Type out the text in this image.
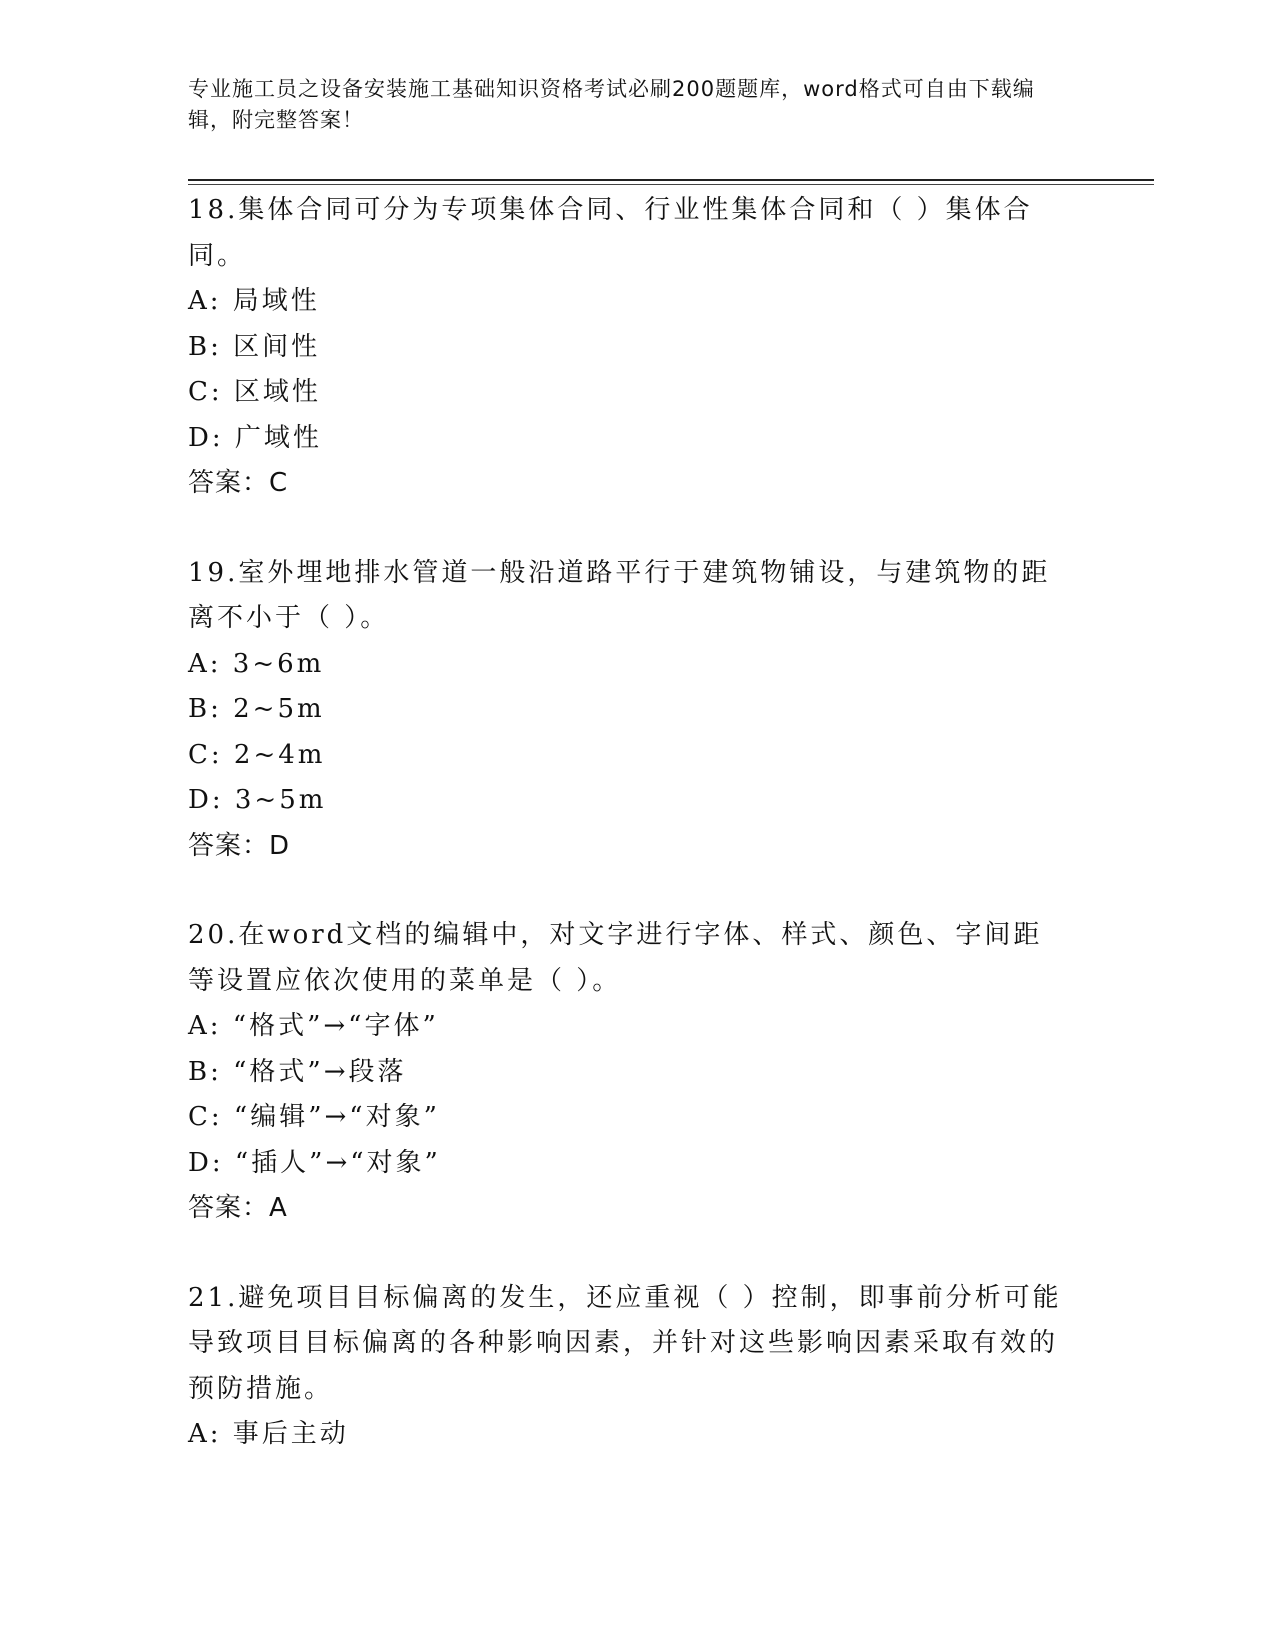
专业施工员之设备安装施工基础知识资格考试必刷200题题库，word格式可自由下载编辑，附完整答案！

18.集体合同可分为专项集体合同、行业性集体合同和（ ）集体合同。

A: 局域性

B: 区间性

C: 区域性

D: 广域性

答案：C

19.室外埋地排水管道一般沿道路平行于建筑物铺设，与建筑物的距离不小于（ ）。

A: 3~6m

B: 2~5m

C: 2~4m

D: 3~5m

答案：D

20.在word文档的编辑中，对文字进行字体、样式、颜色、字间距等设置应依次使用的菜单是（ ）。

A: “格式”→“字体”

B: “格式”→段落

C: “编辑”→“对象”

D: “插人”→“对象”

答案：A

21.避免项目目标偏离的发生，还应重视（ ）控制，即事前分析可能导致项目目标偏离的各种影响因素，并针对这些影响因素采取有效的预防措施。

A: 事后主动
